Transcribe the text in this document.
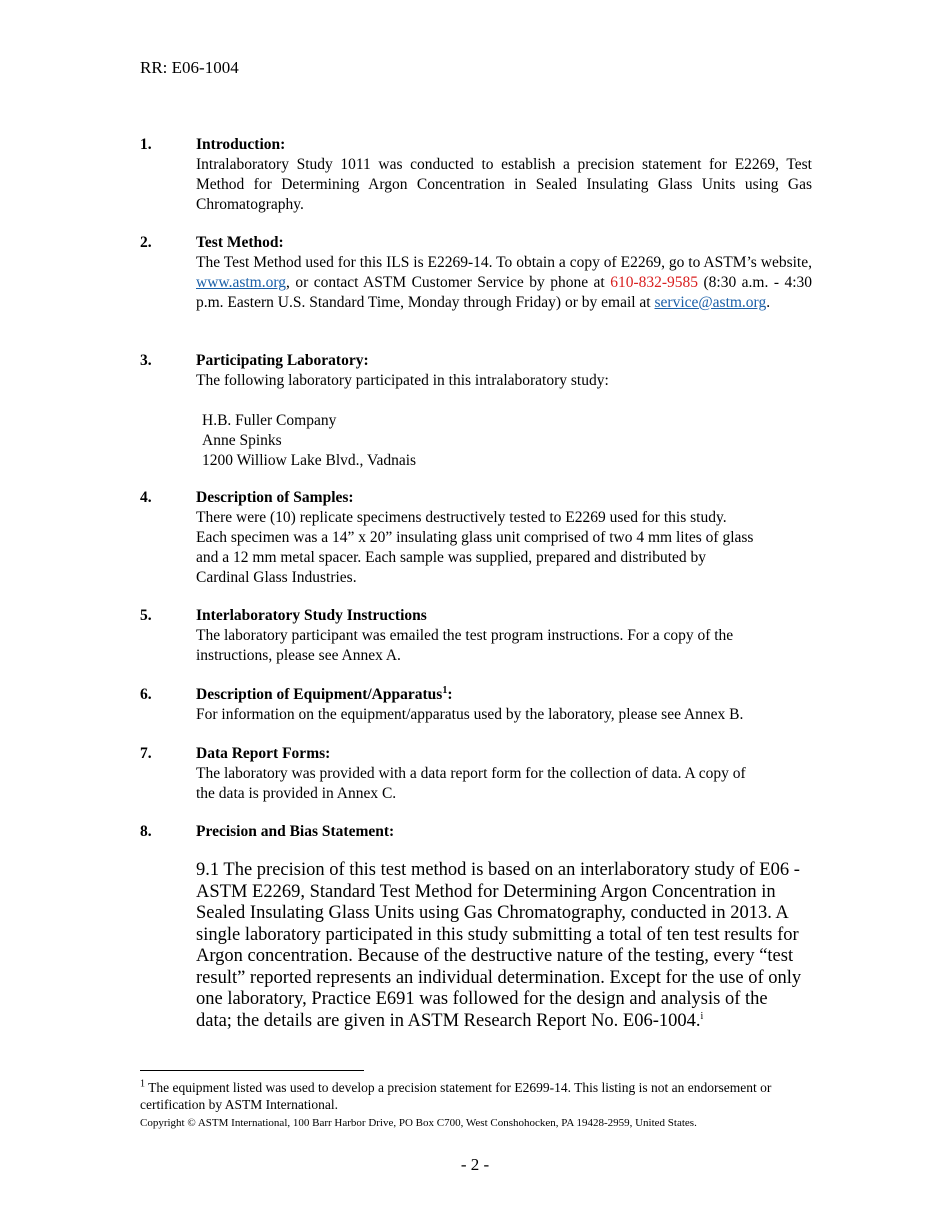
RR: E06-1004
1.	Introduction:
Intralaboratory Study 1011 was conducted to establish a precision statement for E2269, Test Method for Determining Argon Concentration in Sealed Insulating Glass Units using Gas Chromatography.
2.	Test Method:
The Test Method used for this ILS is E2269-14. To obtain a copy of E2269, go to ASTM’s website, www.astm.org, or contact ASTM Customer Service by phone at 610-832-9585 (8:30 a.m. - 4:30 p.m. Eastern U.S. Standard Time, Monday through Friday) or by email at service@astm.org.
3.	Participating Laboratory:
The following laboratory participated in this intralaboratory study:
H.B. Fuller Company
Anne Spinks
1200 Williow Lake Blvd., Vadnais
4.	Description of Samples:
There were (10) replicate specimens destructively tested to E2269 used for this study.
Each specimen was a 14” x 20” insulating glass unit comprised of two 4 mm lites of glass
and a 12 mm metal spacer. Each sample was supplied, prepared and distributed by
Cardinal Glass Industries.
5.	Interlaboratory Study Instructions
The laboratory participant was emailed the test program instructions. For a copy of the
instructions, please see Annex A.
6.	Description of Equipment/Apparatus$^1$:
For information on the equipment/apparatus used by the laboratory, please see Annex B.
7.	Data Report Forms:
The laboratory was provided with a data report form for the collection of data. A copy of
the data is provided in Annex C.
8.	Precision and Bias Statement:
9.1 The precision of this test method is based on an interlaboratory study of E06 -
ASTM E2269, Standard Test Method for Determining Argon Concentration in
Sealed Insulating Glass Units using Gas Chromatography, conducted in 2013. A
single laboratory participated in this study submitting a total of ten test results for
Argon concentration. Because of the destructive nature of the testing, every “test
result” reported represents an individual determination. Except for the use of only
one laboratory, Practice E691 was followed for the design and analysis of the
data; the details are given in ASTM Research Report No. E06-1004.$^i$
$^1$ The equipment listed was used to develop a precision statement for E2699-14. This listing is not an endorsement or certification by ASTM International.
Copyright © ASTM International, 100 Barr Harbor Drive, PO Box C700, West Conshohocken, PA 19428-2959, United States.
- 2 -
